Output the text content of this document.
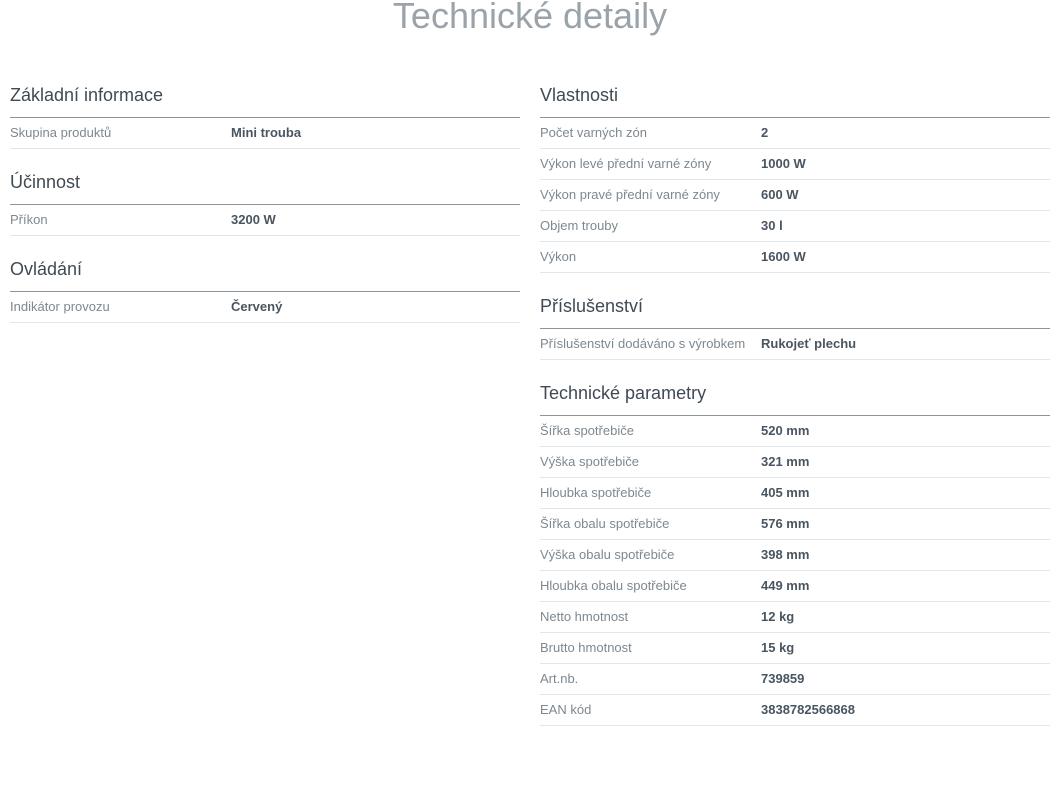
Technické detaily
Základní informace
Skupina produktů	Mini trouba
Účinnost
Příkon	3200 W
Ovládání
Indikátor provozu	Červený
Vlastnosti
Počet varných zón	2
Výkon levé přední varné zóny	1000 W
Výkon pravé přední varné zóny	600 W
Objem trouby	30 l
Výkon	1600 W
Příslušenství
Příslušenství dodáváno s výrobkem	Rukojeť plechu
Technické parametry
Šířka spotřebiče	520 mm
Výška spotřebiče	321 mm
Hloubka spotřebiče	405 mm
Šířka obalu spotřebiče	576 mm
Výška obalu spotřebiče	398 mm
Hloubka obalu spotřebiče	449 mm
Netto hmotnost	12 kg
Brutto hmotnost	15 kg
Art.nb.	739859
EAN kód	3838782566868
